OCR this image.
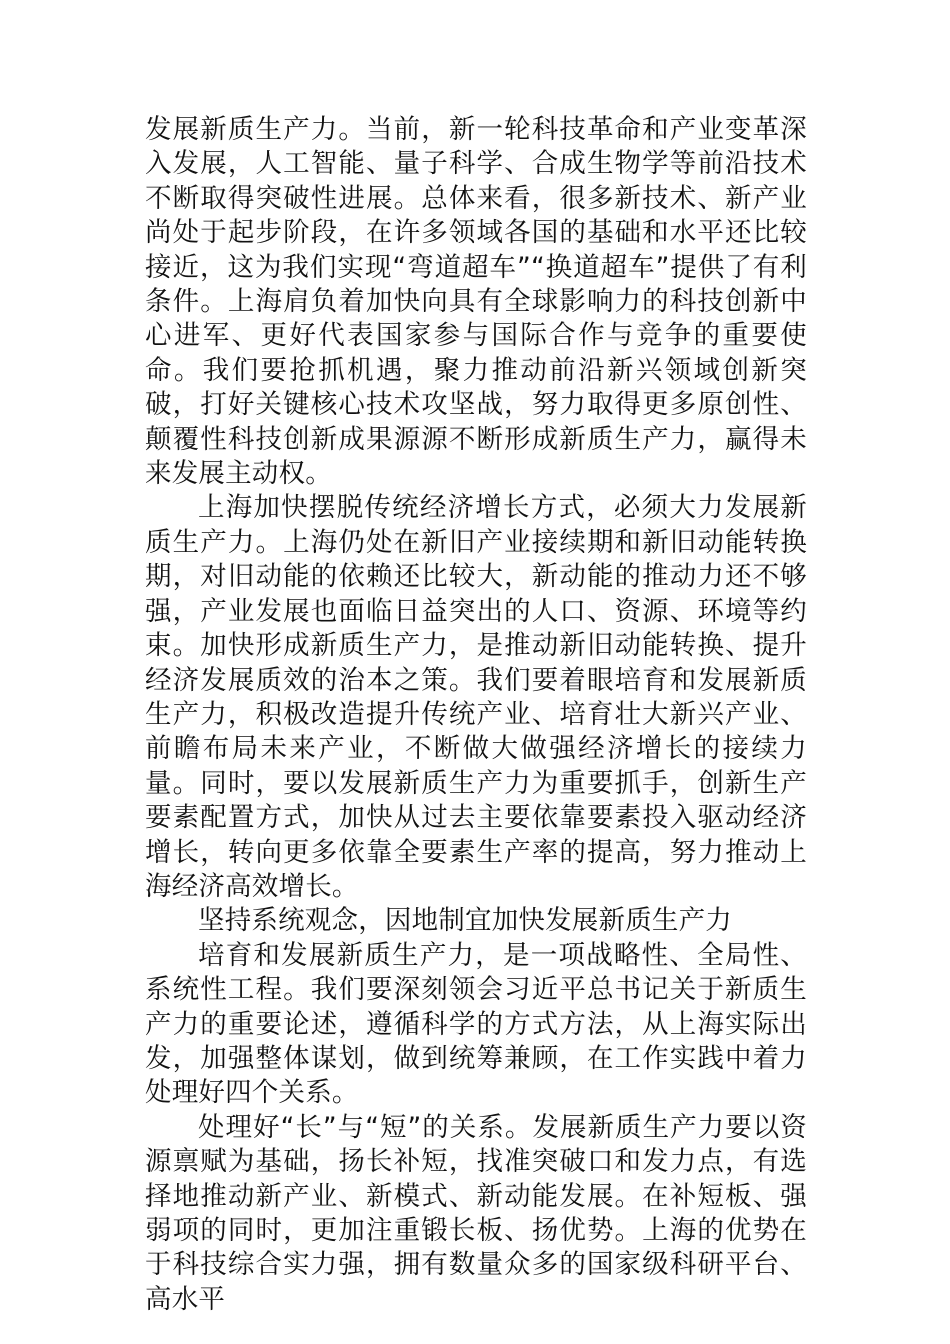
发展新质生产力。当前，新一轮科技革命和产业变革深入发展，人工智能、量子科学、合成生物学等前沿技术不断取得突破性进展。总体来看，很多新技术、新产业尚处于起步阶段，在许多领域各国的基础和水平还比较接近，这为我们实现“弯道超车”“换道超车”提供了有利条件。上海肩负着加快向具有全球影响力的科技创新中心进军、更好代表国家参与国际合作与竞争的重要使命。我们要抢抓机遇，聚力推动前沿新兴领域创新突破，打好关键核心技术攻坚战，努力取得更多原创性、颠覆性科技创新成果源源不断形成新质生产力，赢得未来发展主动权。

上海加快摆脱传统经济增长方式，必须大力发展新质生产力。上海仍处在新旧产业接续期和新旧动能转换期，对旧动能的依赖还比较大，新动能的推动力还不够强，产业发展也面临日益突出的人口、资源、环境等约束。加快形成新质生产力，是推动新旧动能转换、提升经济发展质效的治本之策。我们要着眼培育和发展新质生产力，积极改造提升传统产业、培育壮大新兴产业、前瞻布局未来产业，不断做大做强经济增长的接续力量。同时，要以发展新质生产力为重要抓手，创新生产要素配置方式，加快从过去主要依靠要素投入驱动经济增长，转向更多依靠全要素生产率的提高，努力推动上海经济高效增长。

坚持系统观念，因地制宜加快发展新质生产力

培育和发展新质生产力，是一项战略性、全局性、系统性工程。我们要深刻领会习近平总书记关于新质生产力的重要论述，遵循科学的方式方法，从上海实际出发，加强整体谋划，做到统筹兼顾，在工作实践中着力处理好四个关系。

处理好“长”与“短”的关系。发展新质生产力要以资源禀赋为基础，扬长补短，找准突破口和发力点，有选择地推动新产业、新模式、新动能发展。在补短板、强弱项的同时，更加注重锻长板、扬优势。上海的优势在于科技综合实力强，拥有数量众多的国家级科研平台、高水平
